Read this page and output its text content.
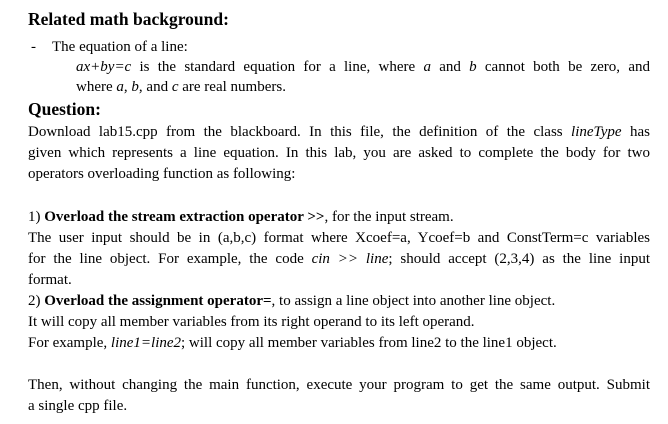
Related math background:
- The equation of a line:
ax+by=c is the standard equation for a line, where a and b cannot both be zero, and
where a, b, and c are real numbers.
Question:
Download lab15.cpp from the blackboard. In this file, the definition of the class lineType has
given which represents a line equation. In this lab, you are asked to complete the body for two
operators overloading function as following:
1) Overload the stream extraction operator >>, for the input stream.
The user input should be in (a,b,c) format where Xcoef=a, Ycoef=b and ConstTerm=c variables
for the line object. For example, the code cin >> line; should accept (2,3,4) as the line input
format.
2) Overload the assignment operator=, to assign a line object into another line object.
It will copy all member variables from its right operand to its left operand.
For example, line1=line2; will copy all member variables from line2 to the line1 object.
Then, without changing the main function, execute your program to get the same output. Submit
a single cpp file.
